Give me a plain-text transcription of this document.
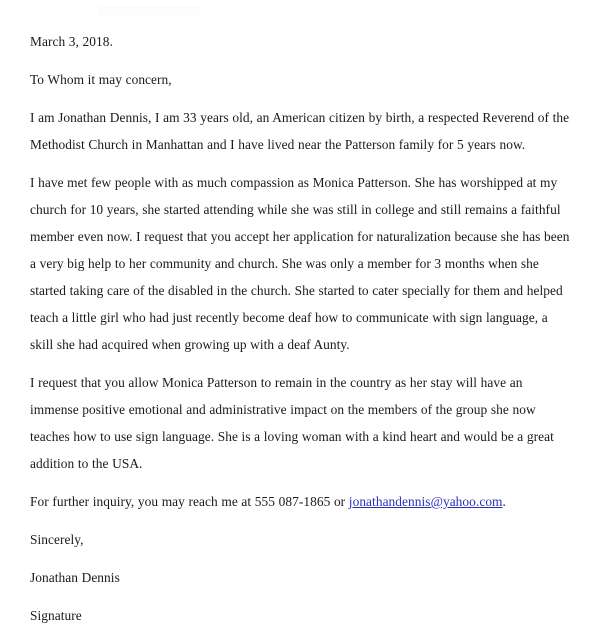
March 3, 2018.

To Whom it may concern,

I am Jonathan Dennis, I am 33 years old, an American citizen by birth, a respected Reverend of the Methodist Church in Manhattan and I have lived near the Patterson family for 5 years now.

I have met few people with as much compassion as Monica Patterson. She has worshipped at my church for 10 years, she started attending while she was still in college and still remains a faithful member even now. I request that you accept her application for naturalization because she has been a very big help to her community and church. She was only a member for 3 months when she started taking care of the disabled in the church. She started to cater specially for them and helped teach a little girl who had just recently become deaf how to communicate with sign language, a skill she had acquired when growing up with a deaf Aunty.

I request that you allow Monica Patterson to remain in the country as her stay will have an immense positive emotional and administrative impact on the members of the group she now teaches how to use sign language. She is a loving woman with a kind heart and would be a great addition to the USA.

For further inquiry, you may reach me at 555 087-1865 or jonathandennis@yahoo.com.

Sincerely,

Jonathan Dennis

Signature
